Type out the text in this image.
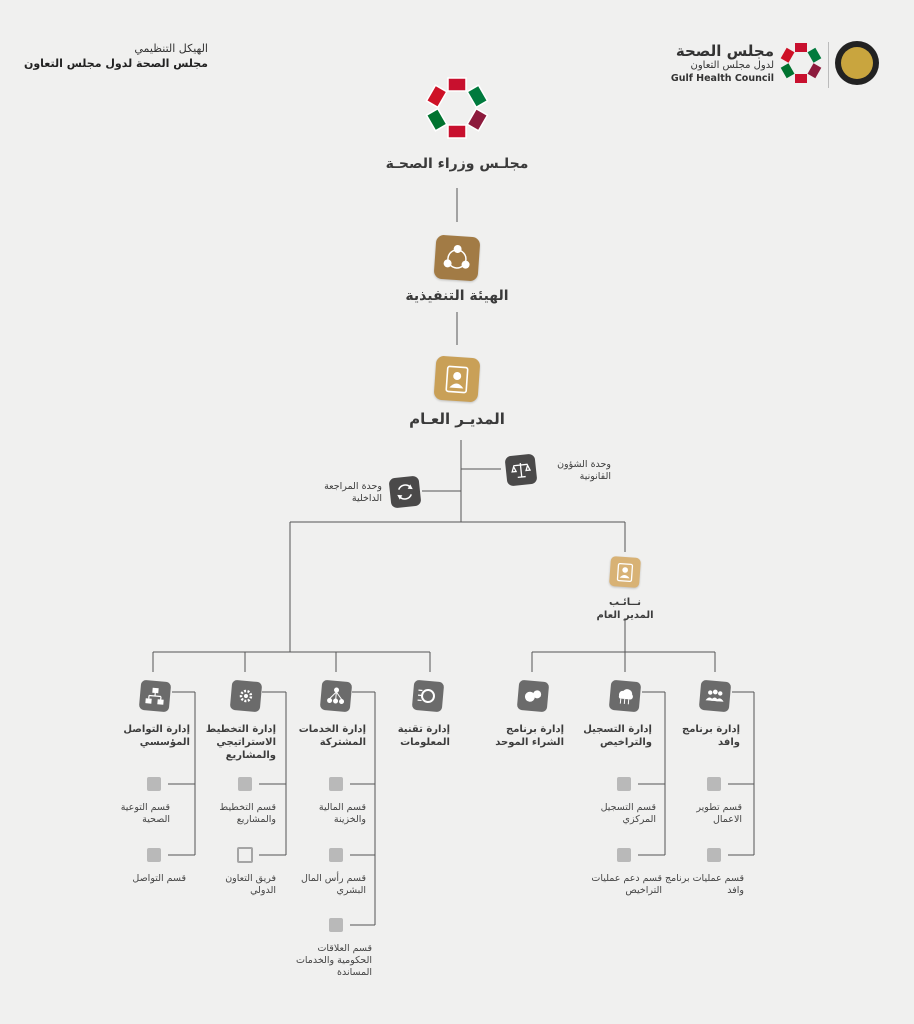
الهيكل التنظيمي
مجلس الصحة لدول مجلس التعاون
مجلس الصحة
لدول مجلس التعاون
Gulf Health Council
مجلـس وزراء الصحـة
الهيئة التنفيذية
المديـر العـام
وحدة الشؤون القانونية
وحدة المراجعة الداخلية
نــائـب
المدير العام
إدارة التواصل المؤسسي
إدارة التخطيط الاستراتيجي والمشاريع
إدارة الخدمات المشتركة
إدارة تقنية المعلومات
إدارة برنامج الشراء الموحد
إدارة التسجيل والتراخيص
إدارة برنامج وافد
قسم التوعية الصحية
قسم التواصل
قسم التخطيط والمشاريع
فريق التعاون الدولي
قسم المالية والخزينة
قسم رأس المال البشري
قسم العلاقات الحكومية والخدمات المساندة
قسم التسجيل المركزي
قسم دعم عمليات التراخيص
قسم تطوير الاعمال
قسم عمليات برنامج وافد
